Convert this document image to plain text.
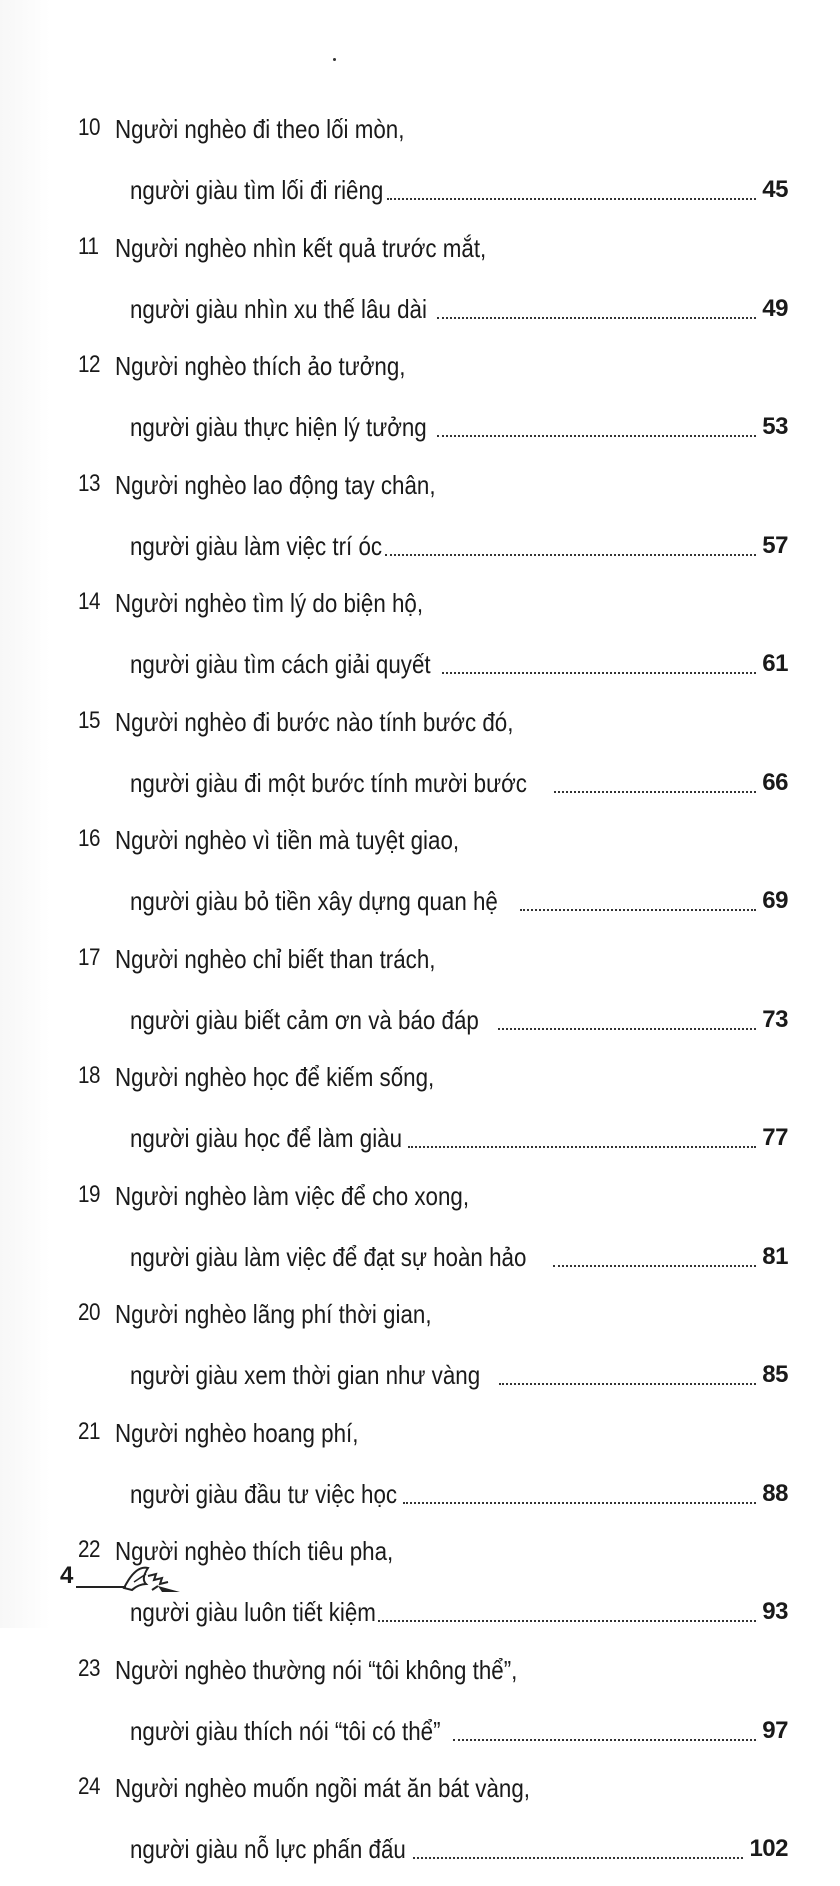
10 Người nghèo đi theo lối mòn,
người giàu tìm lối đi riêng	45
11 Người nghèo nhìn kết quả trước mắt,
người giàu nhìn xu thế lâu dài	49
12 Người nghèo thích ảo tưởng,
người giàu thực hiện lý tưởng	53
13 Người nghèo lao động tay chân,
người giàu làm việc trí óc	57
14 Người nghèo tìm lý do biện hộ,
người giàu tìm cách giải quyết	61
15 Người nghèo đi bước nào tính bước đó,
người giàu đi một bước tính mười bước	66
16 Người nghèo vì tiền mà tuyệt giao,
người giàu bỏ tiền xây dựng quan hệ	69
17 Người nghèo chỉ biết than trách,
người giàu biết cảm ơn và báo đáp	73
18 Người nghèo học để kiếm sống,
người giàu học để làm giàu	77
19 Người nghèo làm việc để cho xong,
người giàu làm việc để đạt sự hoàn hảo	81
20 Người nghèo lãng phí thời gian,
người giàu xem thời gian như vàng	85
21 Người nghèo hoang phí,
người giàu đầu tư việc học	88
22 Người nghèo thích tiêu pha,
người giàu luôn tiết kiệm	93
23 Người nghèo thường nói “tôi không thể”,
người giàu thích nói “tôi có thể”	97
24 Người nghèo muốn ngồi mát ăn bát vàng,
người giàu nỗ lực phấn đấu	102
4
